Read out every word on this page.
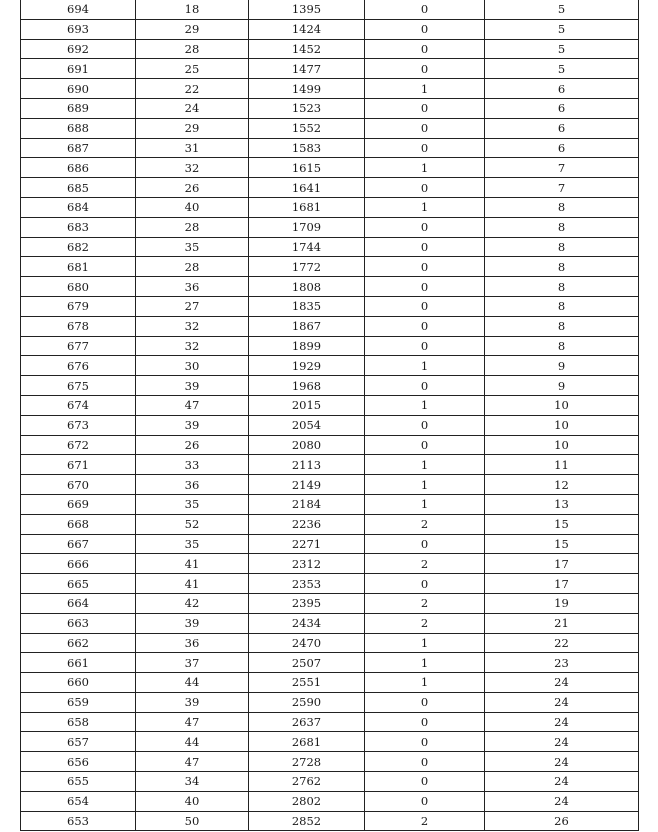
694	18	1395	0	5
693	29	1424	0	5
692	28	1452	0	5
691	25	1477	0	5
690	22	1499	1	6
689	24	1523	0	6
688	29	1552	0	6
687	31	1583	0	6
686	32	1615	1	7
685	26	1641	0	7
684	40	1681	1	8
683	28	1709	0	8
682	35	1744	0	8
681	28	1772	0	8
680	36	1808	0	8
679	27	1835	0	8
678	32	1867	0	8
677	32	1899	0	8
676	30	1929	1	9
675	39	1968	0	9
674	47	2015	1	10
673	39	2054	0	10
672	26	2080	0	10
671	33	2113	1	11
670	36	2149	1	12
669	35	2184	1	13
668	52	2236	2	15
667	35	2271	0	15
666	41	2312	2	17
665	41	2353	0	17
664	42	2395	2	19
663	39	2434	2	21
662	36	2470	1	22
661	37	2507	1	23
660	44	2551	1	24
659	39	2590	0	24
658	47	2637	0	24
657	44	2681	0	24
656	47	2728	0	24
655	34	2762	0	24
654	40	2802	0	24
653	50	2852	2	26
